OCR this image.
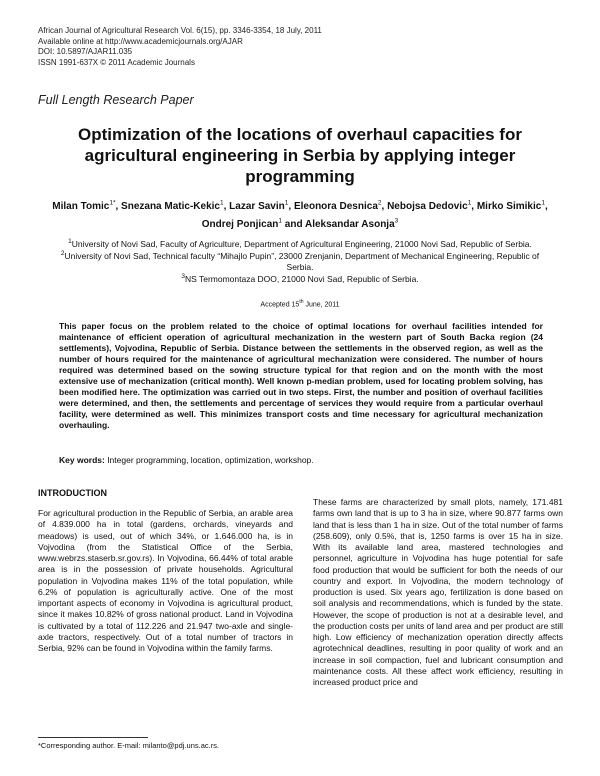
African Journal of Agricultural Research Vol. 6(15), pp. 3346-3354, 18 July, 2011
Available online at http://www.academicjournals.org/AJAR
DOI: 10.5897/AJAR11.035
ISSN 1991-637X © 2011 Academic Journals
Full Length Research Paper
Optimization of the locations of overhaul capacities for agricultural engineering in Serbia by applying integer programming
Milan Tomic$^{1*}$, Snezana Matic-Kekic$^1$, Lazar Savin$^1$, Eleonora Desnica$^2$, Nebojsa Dedovic$^1$, Mirko Simikic$^1$, Ondrej Ponjican$^1$ and Aleksandar Asonja$^3$
$^1$University of Novi Sad, Faculty of Agriculture, Department of Agricultural Engineering, 21000 Novi Sad, Republic of Serbia.
$^2$University of Novi Sad, Technical faculty “Mihajlo Pupin”, 23000 Zrenjanin, Department of Mechanical Engineering, Republic of Serbia.
$^3$NS Termomontaza DOO, 21000 Novi Sad, Republic of Serbia.
Accepted 15th June, 2011
This paper focus on the problem related to the choice of optimal locations for overhaul facilities intended for maintenance of efficient operation of agricultural mechanization in the western part of South Backa region (24 settlements), Vojvodina, Republic of Serbia. Distance between the settlements in the observed region, as well as the number of hours required for the maintenance of agricultural mechanization were considered. The number of hours required was determined based on the sowing structure typical for that region and on the month with the most extensive use of mechanization (critical month). Well known p-median problem, used for locating problem solving, has been modified here. The optimization was carried out in two steps. First, the number and position of overhaul facilities were determined, and then, the settlements and percentage of services they would require from a particular overhaul facility, were determined as well. This minimizes transport costs and time necessary for agricultural mechanization overhauling.
Key words: Integer programming, location, optimization, workshop.
INTRODUCTION
For agricultural production in the Republic of Serbia, an arable area of 4.839.000 ha in total (gardens, orchards, vineyards and meadows) is used, out of which 34%, or 1.646.000 ha, is in Vojvodina (from the Statistical Office of the Serbia, www.webrzs.staserb.sr.gov.rs). In Vojvodina, 66.44% of total arable area is in the possession of private households. Agricultural population in Vojvodina makes 11% of the total population, while 6.2% of population is agriculturally active. One of the most important aspects of economy in Vojvodina is agricultural product, since it makes 10.82% of gross national product. Land in Vojvodina is cultivated by a total of 112.226 and 21.947 two-axle and single-axle tractors, respectively. Out of a total number of tractors in Serbia, 92% can be found in Vojvodina within the family farms.
These farms are characterized by small plots, namely, 171.481 farms own land that is up to 3 ha in size, where 90.877 farms own land that is less than 1 ha in size. Out of the total number of farms (258.609), only 0.5%, that is, 1250 farms is over 15 ha in size. With its available land area, mastered technologies and personnel, agriculture in Vojvodina has huge potential for safe food production that would be sufficient for both the needs of our country and export. In Vojvodina, the modern technology of production is used. Six years ago, fertilization is done based on soil analysis and recommendations, which is funded by the state. However, the scope of production is not at a desirable level, and the production costs per units of land area and per product are still high. Low efficiency of mechanization operation directly affects agrotechnical deadlines, resulting in poor quality of work and an increase in soil compaction, fuel and lubricant consumption and maintenance costs. All these affect work efficiency, resulting in increased product price and
*Corresponding author. E-mail: milanto@pdj.uns.ac.rs.
